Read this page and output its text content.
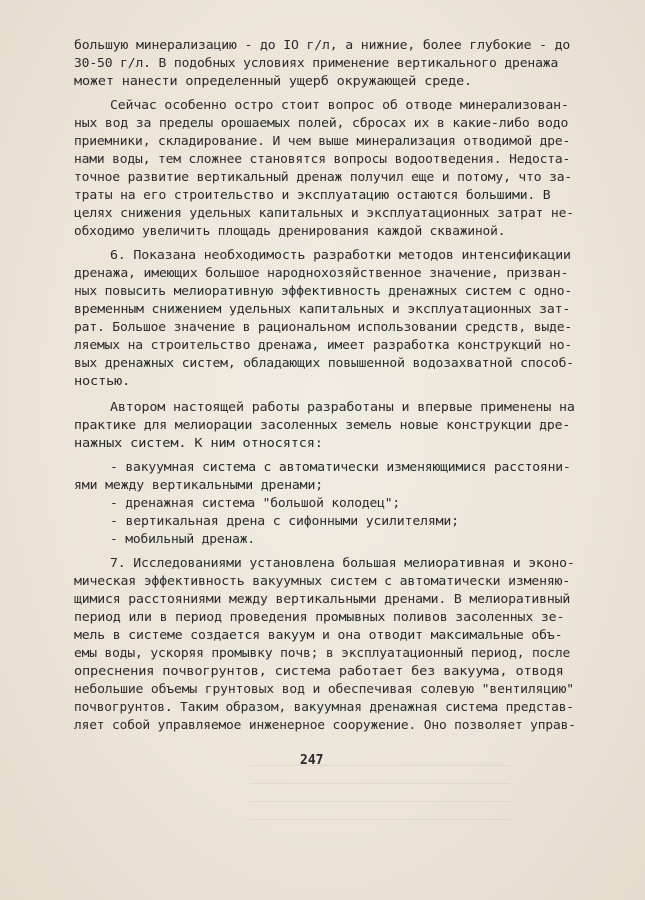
большую минерализацию - до IO г/л, а нижние, более глубокие - до
30-50 г/л. В подобных условиях применение вертикального дренажа
может нанести определенный ущерб окружающей среде.
Сейчас особенно остро стоит вопрос об отводе минерализован-
ных вод за пределы орошаемых полей, сбросах их в какие-либо водо
приемники, складирование. И чем выше минерализация отводимой дре-
нами воды, тем сложнее становятся вопросы водоотведения. Недоста-
точное развитие вертикальный дренаж получил еще и потому, что за-
траты на его строительство и эксплуатацию остаются большими. В
целях снижения удельных капитальных и эксплуатационных затрат не-
обходимо увеличить площадь дренирования каждой скважиной.
6. Показана необходимость разработки методов интенсификации
дренажа, имеющих большое народнохозяйственное значение, призван-
ных повысить мелиоративную эффективность дренажных систем с одно-
временным снижением удельных капитальных и эксплуатационных зат-
рат. Большое значение в рациональном использовании средств, выде-
ляемых на строительство дренажа, имеет разработка конструкций но-
вых дренажных систем, обладающих повышенной водозахватной способ-
ностью.
Автором настоящей работы разработаны и впервые применены на
практике для мелиорации засоленных земель новые конструкции дре-
нажных систем. К ним относятся:
- вакуумная система с автоматически изменяющимися расстояни-
ями между вертикальными дренами;
- дренажная система "большой колодец";
- вертикальная дрена с сифонными усилителями;
- мобильный дренаж.
7. Исследованиями установлена большая мелиоративная и эконо-
мическая эффективность вакуумных систем с автоматически изменяю-
щимися расстояниями между вертикальными дренами. В мелиоративный
период или в период проведения промывных поливов засоленных зе-
мель в системе создается вакуум и она отводит максимальные объ-
емы воды, ускоряя промывку почв; в эксплуатационный период, после
опреснения почвогрунтов, система работает без вакуума, отводя
небольшие объемы грунтовых вод и обеспечивая солевую "вентиляцию"
почвогрунтов. Таким образом, вакуумная дренажная система представ-
ляет собой управляемое инженерное сооружение. Оно позволяет управ-
247
